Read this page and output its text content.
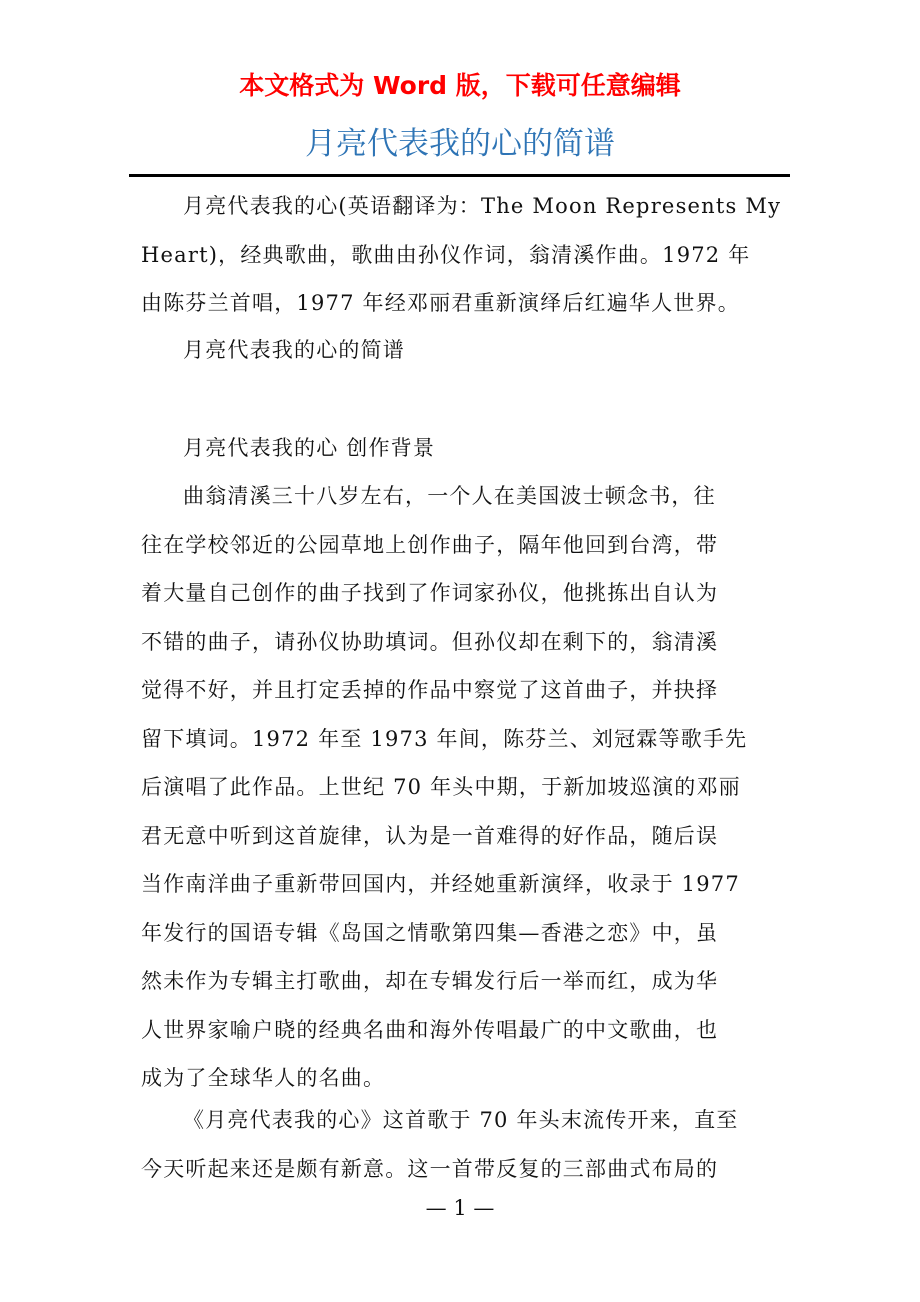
本文格式为 Word 版，下载可任意编辑
月亮代表我的心的简谱
月亮代表我的心(英语翻译为：The Moon Represents My
Heart)，经典歌曲，歌曲由孙仪作词，翁清溪作曲。1972 年
由陈芬兰首唱，1977 年经邓丽君重新演绎后红遍华人世界。
月亮代表我的心的简谱
月亮代表我的心 创作背景
曲翁清溪三十八岁左右，一个人在美国波士顿念书，往
往在学校邻近的公园草地上创作曲子，隔年他回到台湾，带
着大量自己创作的曲子找到了作词家孙仪，他挑拣出自认为
不错的曲子，请孙仪协助填词。但孙仪却在剩下的，翁清溪
觉得不好，并且打定丢掉的作品中察觉了这首曲子，并抉择
留下填词。1972 年至 1973 年间，陈芬兰、刘冠霖等歌手先
后演唱了此作品。上世纪 70 年头中期，于新加坡巡演的邓丽
君无意中听到这首旋律，认为是一首难得的好作品，随后误
当作南洋曲子重新带回国内，并经她重新演绎，收录于 1977
年发行的国语专辑《岛国之情歌第四集—香港之恋》中，虽
然未作为专辑主打歌曲，却在专辑发行后一举而红，成为华
人世界家喻户晓的经典名曲和海外传唱最广的中文歌曲，也
成为了全球华人的名曲。
《月亮代表我的心》这首歌于 70 年头末流传开来，直至
今天听起来还是颇有新意。这一首带反复的三部曲式布局的
— 1 —
